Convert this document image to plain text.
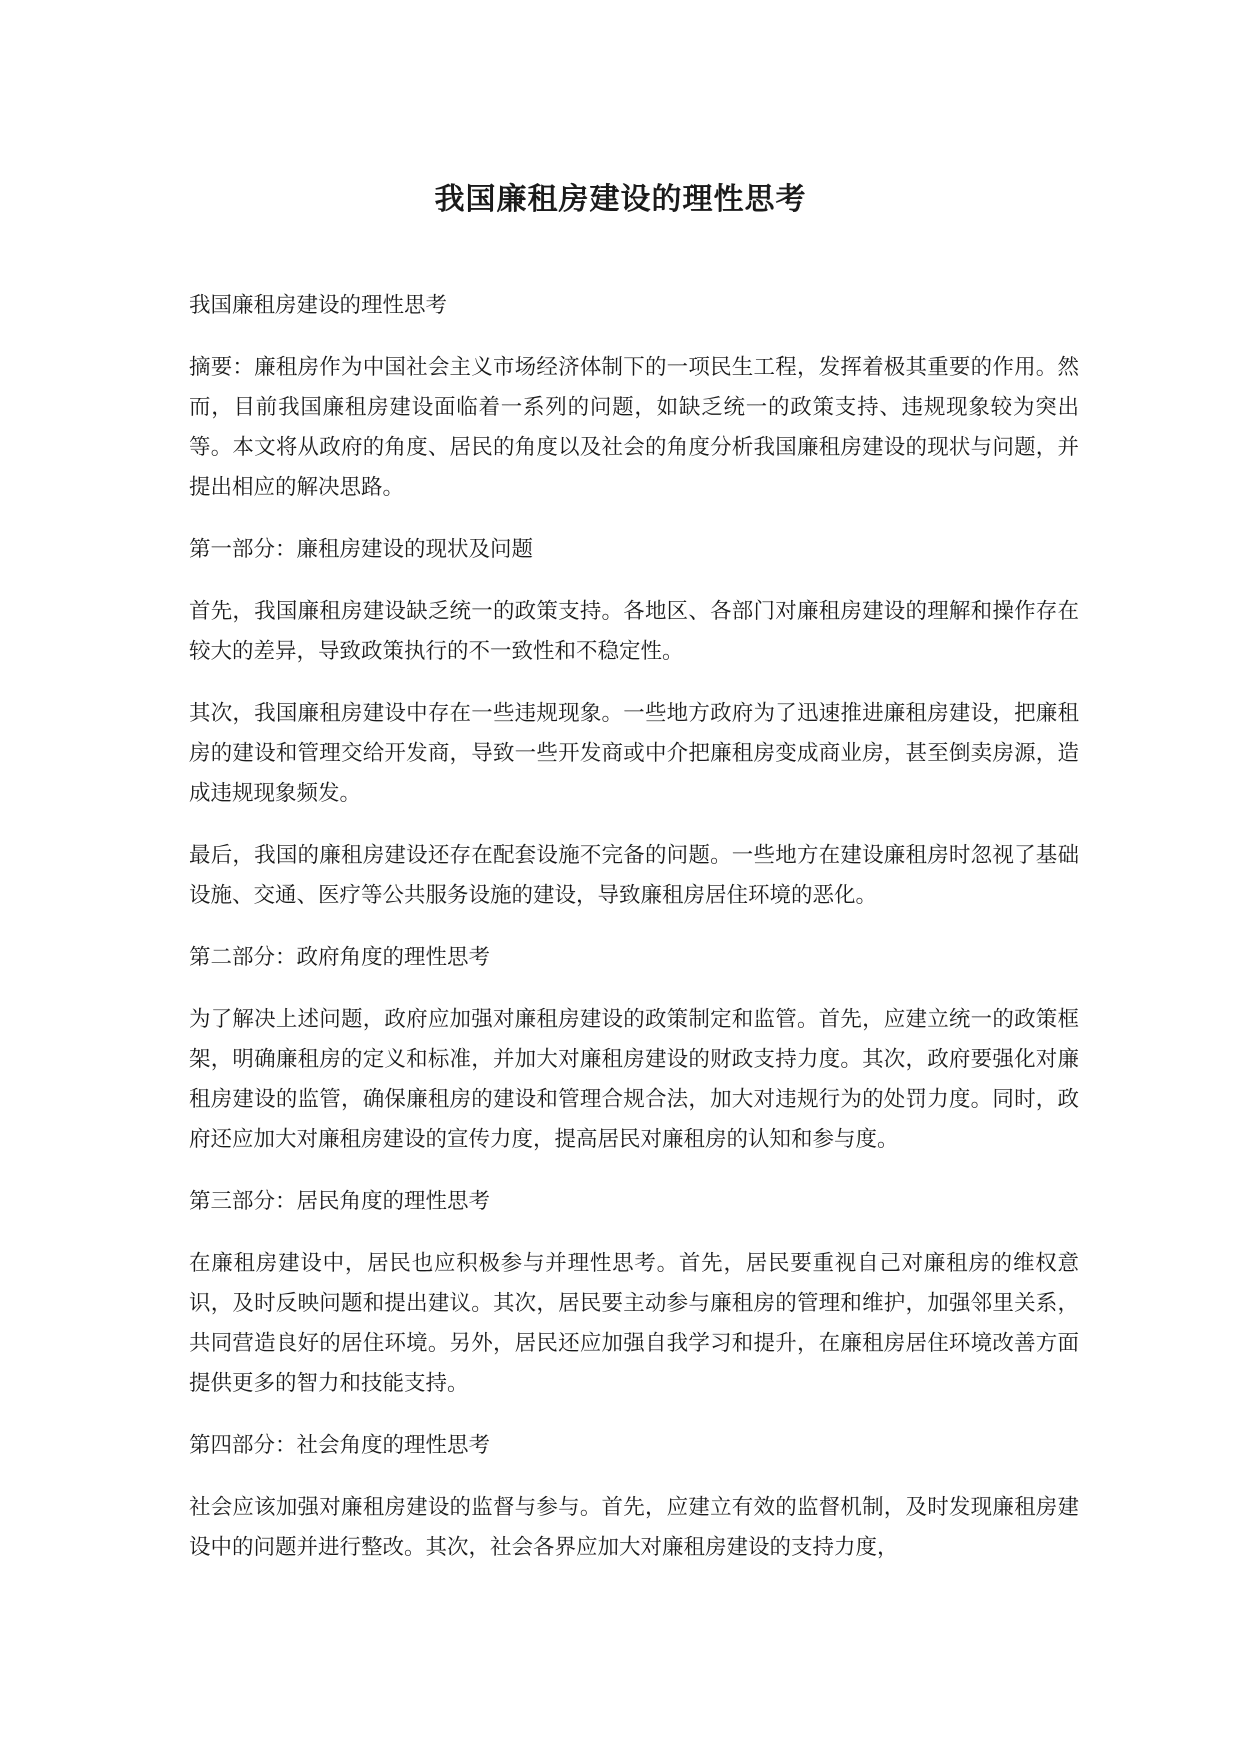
我国廉租房建设的理性思考

我国廉租房建设的理性思考

摘要：廉租房作为中国社会主义市场经济体制下的一项民生工程，发挥着极其重要的作用。然而，目前我国廉租房建设面临着一系列的问题，如缺乏统一的政策支持、违规现象较为突出等。本文将从政府的角度、居民的角度以及社会的角度分析我国廉租房建设的现状与问题，并提出相应的解决思路。

第一部分：廉租房建设的现状及问题

首先，我国廉租房建设缺乏统一的政策支持。各地区、各部门对廉租房建设的理解和操作存在较大的差异，导致政策执行的不一致性和不稳定性。

其次，我国廉租房建设中存在一些违规现象。一些地方政府为了迅速推进廉租房建设，把廉租房的建设和管理交给开发商，导致一些开发商或中介把廉租房变成商业房，甚至倒卖房源，造成违规现象频发。

最后，我国的廉租房建设还存在配套设施不完备的问题。一些地方在建设廉租房时忽视了基础设施、交通、医疗等公共服务设施的建设，导致廉租房居住环境的恶化。

第二部分：政府角度的理性思考

为了解决上述问题，政府应加强对廉租房建设的政策制定和监管。首先，应建立统一的政策框架，明确廉租房的定义和标准，并加大对廉租房建设的财政支持力度。其次，政府要强化对廉租房建设的监管，确保廉租房的建设和管理合规合法，加大对违规行为的处罚力度。同时，政府还应加大对廉租房建设的宣传力度，提高居民对廉租房的认知和参与度。

第三部分：居民角度的理性思考

在廉租房建设中，居民也应积极参与并理性思考。首先，居民要重视自己对廉租房的维权意识，及时反映问题和提出建议。其次，居民要主动参与廉租房的管理和维护，加强邻里关系，共同营造良好的居住环境。另外，居民还应加强自我学习和提升，在廉租房居住环境改善方面提供更多的智力和技能支持。

第四部分：社会角度的理性思考

社会应该加强对廉租房建设的监督与参与。首先，应建立有效的监督机制，及时发现廉租房建设中的问题并进行整改。其次，社会各界应加大对廉租房建设的支持力度，
